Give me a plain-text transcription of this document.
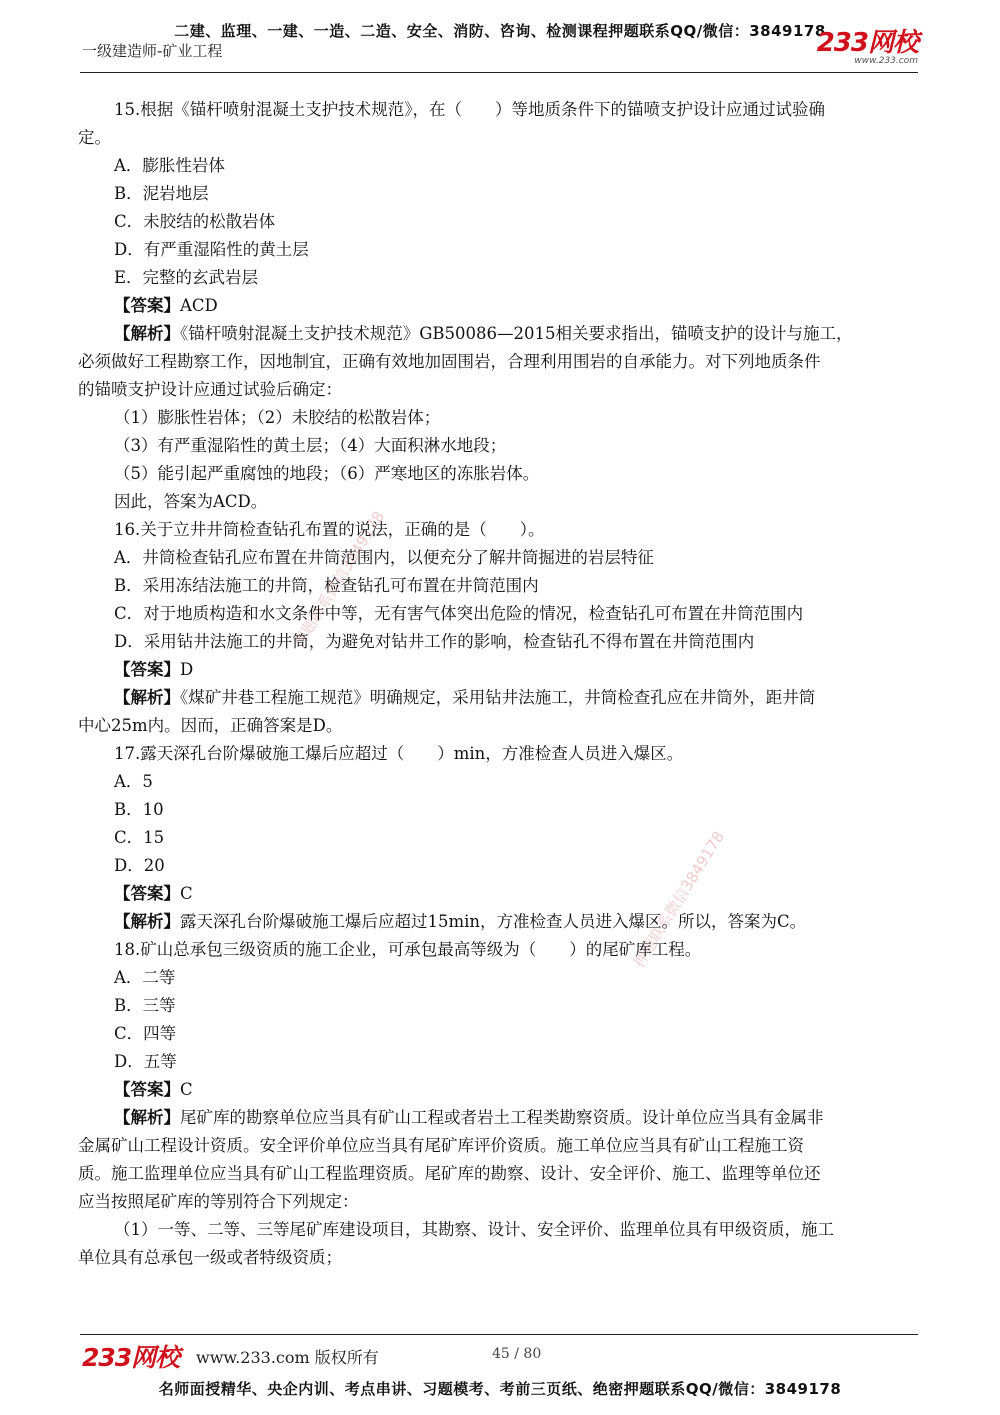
二建、监理、一建、一造、二造、安全、消防、咨询、检测课程押题联系QQ/微信：3849178
一级建造师-矿业工程	233网校
www.233.com
押题联系微信3849178
押题联系微信3849178
15.根据《锚杆喷射混凝土支护技术规范》，在（　　）等地质条件下的锚喷支护设计应通过试验确
定。
A．膨胀性岩体
B．泥岩地层
C．未胶结的松散岩体
D．有严重湿陷性的黄土层
E．完整的玄武岩层
【答案】ACD
【解析】《锚杆喷射混凝土支护技术规范》GB50086—2015相关要求指出，锚喷支护的设计与施工，
必须做好工程勘察工作，因地制宜，正确有效地加固围岩，合理利用围岩的自承能力。对下列地质条件
的锚喷支护设计应通过试验后确定：
（1）膨胀性岩体；（2）未胶结的松散岩体；
（3）有严重湿陷性的黄土层；（4）大面积淋水地段；
（5）能引起严重腐蚀的地段；（6）严寒地区的冻胀岩体。
因此，答案为ACD。
16.关于立井井筒检查钻孔布置的说法，正确的是（　　）。
A．井筒检查钻孔应布置在井筒范围内，以便充分了解井筒掘进的岩层特征
B．采用冻结法施工的井筒，检查钻孔可布置在井筒范围内
C．对于地质构造和水文条件中等，无有害气体突出危险的情况，检查钻孔可布置在井筒范围内
D．采用钻井法施工的井筒，为避免对钻井工作的影响，检查钻孔不得布置在井筒范围内
【答案】D
【解析】《煤矿井巷工程施工规范》明确规定，采用钻井法施工，井筒检查孔应在井筒外，距井筒
中心25m内。因而，正确答案是D。
17.露天深孔台阶爆破施工爆后应超过（　　）min，方准检查人员进入爆区。
A．5
B．10
C．15
D．20
【答案】C
【解析】露天深孔台阶爆破施工爆后应超过15min，方准检查人员进入爆区。所以，答案为C。
18.矿山总承包三级资质的施工企业，可承包最高等级为（　　）的尾矿库工程。
A．二等
B．三等
C．四等
D．五等
【答案】C
【解析】尾矿库的勘察单位应当具有矿山工程或者岩土工程类勘察资质。设计单位应当具有金属非
金属矿山工程设计资质。安全评价单位应当具有尾矿库评价资质。施工单位应当具有矿山工程施工资
质。施工监理单位应当具有矿山工程监理资质。尾矿库的勘察、设计、安全评价、施工、监理等单位还
应当按照尾矿库的等别符合下列规定：
（1）一等、二等、三等尾矿库建设项目，其勘察、设计、安全评价、监理单位具有甲级资质，施工
单位具有总承包一级或者特级资质；
233网校 www.233.com 版权所有	45 / 80
名师面授精华、央企内训、考点串讲、习题模考、考前三页纸、绝密押题联系QQ/微信：3849178
